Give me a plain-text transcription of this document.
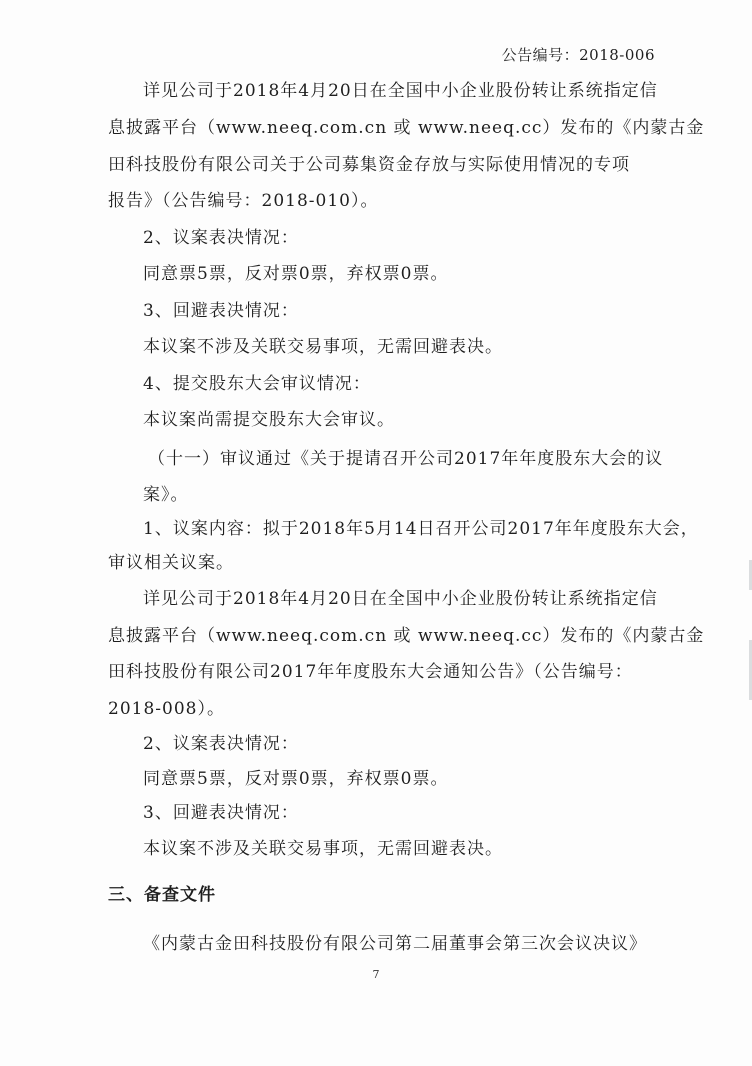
公告编号：2018-006
详见公司于2018年4月20日在全国中小企业股份转让系统指定信
息披露平台（www.neeq.com.cn 或 www.neeq.cc）发布的《内蒙古金
田科技股份有限公司关于公司募集资金存放与实际使用情况的专项
报告》（公告编号：2018-010）。
2、议案表决情况：
同意票5票，反对票0票，弃权票0票。
3、回避表决情况：
本议案不涉及关联交易事项，无需回避表决。
4、提交股东大会审议情况：
本议案尚需提交股东大会审议。
（十一）审议通过《关于提请召开公司2017年年度股东大会的议
案》。
1、议案内容：拟于2018年5月14日召开公司2017年年度股东大会，
审议相关议案。
详见公司于2018年4月20日在全国中小企业股份转让系统指定信
息披露平台（www.neeq.com.cn 或 www.neeq.cc）发布的《内蒙古金
田科技股份有限公司2017年年度股东大会通知公告》（公告编号：
2018-008）。
2、议案表决情况：
同意票5票，反对票0票，弃权票0票。
3、回避表决情况：
本议案不涉及关联交易事项，无需回避表决。
三、备查文件
《内蒙古金田科技股份有限公司第二届董事会第三次会议决议》
7
